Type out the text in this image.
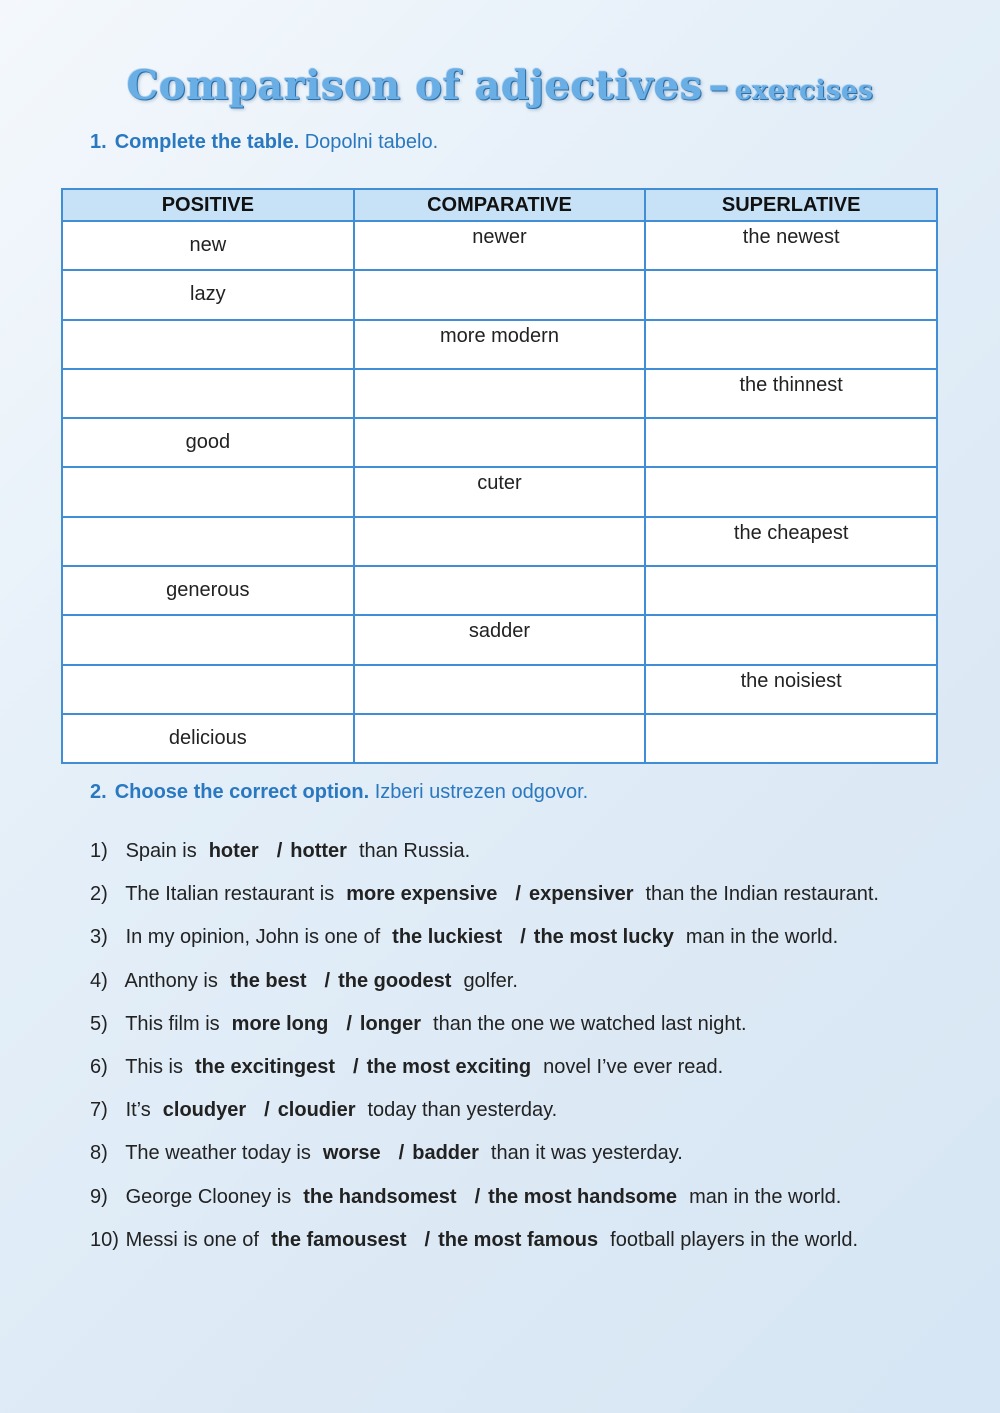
Comparison of adjectives – exercises
1. Complete the table. Dopolni tabelo.
POSITIVE	COMPARATIVE	SUPERLATIVE
new	newer	the newest
lazy		
	more modern	
		the thinnest
good		
	cuter	
		the cheapest
generous		
	sadder	
		the noisiest
delicious		
2. Choose the correct option. Izberi ustrezen odgovor.
1) Spain is hoter / hotter than Russia.
2) The Italian restaurant is more expensive / expensiver than the Indian restaurant.
3) In my opinion, John is one of the luckiest / the most lucky man in the world.
4) Anthony is the best / the goodest golfer.
5) This film is more long / longer than the one we watched last night.
6) This is the excitingest / the most exciting novel I’ve ever read.
7) It’s cloudyer / cloudier today than yesterday.
8) The weather today is worse / badder than it was yesterday.
9) George Clooney is the handsomest / the most handsome man in the world.
10) Messi is one of the famousest / the most famous football players in the world.
